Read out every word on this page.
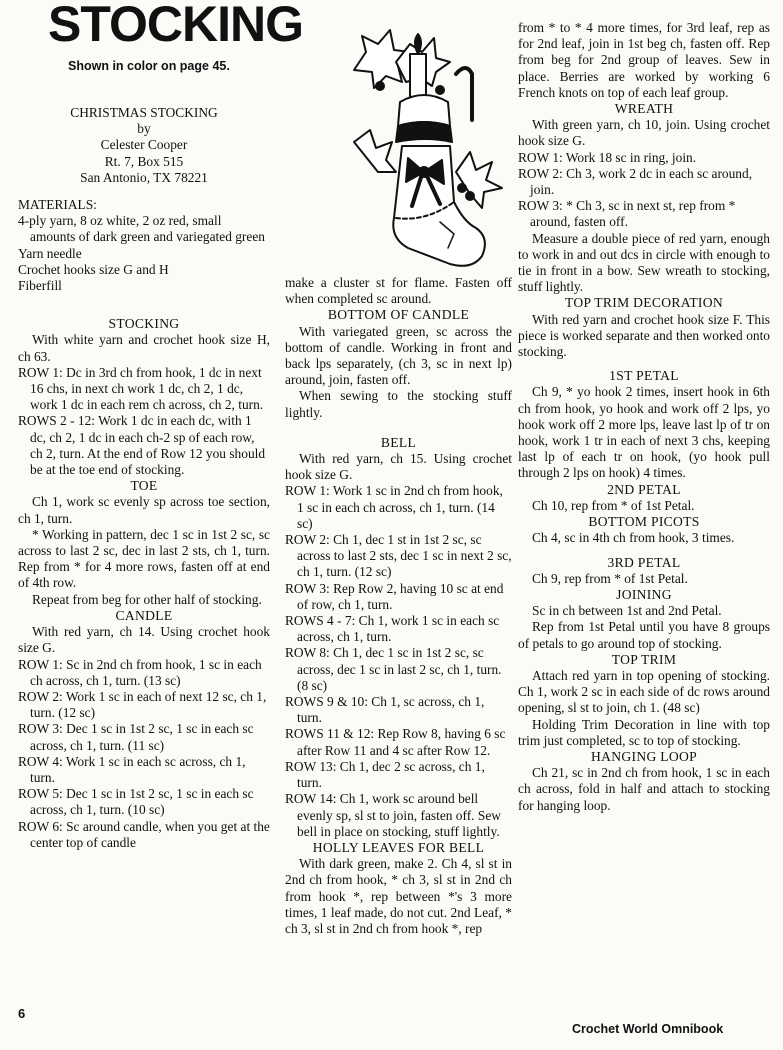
STOCKING

Shown in color on page 45.

CHRISTMAS STOCKING

by

Celester Cooper

Rt. 7, Box 515

San Antonio, TX 78221

MATERIALS:

4-ply yarn, 8 oz white, 2 oz red, small amounts of dark green and variegated green

Yarn needle

Crochet hooks size G and H

Fiberfill

STOCKING

With white yarn and crochet hook size H, ch 63.

ROW 1: Dc in 3rd ch from hook, 1 dc in next 16 chs, in next ch work 1 dc, ch 2, 1 dc, work 1 dc in each rem ch across, ch 2, turn.

ROWS 2 - 12: Work 1 dc in each dc, with 1 dc, ch 2, 1 dc in each ch-2 sp of each row, ch 2, turn. At the end of Row 12 you should be at the toe end of stocking.

TOE

Ch 1, work sc evenly sp across toe section, ch 1, turn.

* Working in pattern, dec 1 sc in 1st 2 sc, sc across to last 2 sc, dec in last 2 sts, ch 1, turn. Rep from * for 4 more rows, fasten off at end of 4th row.

Repeat from beg for other half of stocking.

CANDLE

With red yarn, ch 14. Using crochet hook size G.

ROW 1: Sc in 2nd ch from hook, 1 sc in each ch across, ch 1, turn. (13 sc)

ROW 2: Work 1 sc in each of next 12 sc, ch 1, turn. (12 sc)

ROW 3: Dec 1 sc in 1st 2 sc, 1 sc in each sc across, ch 1, turn. (11 sc)

ROW 4: Work 1 sc in each sc across, ch 1, turn.

ROW 5: Dec 1 sc in 1st 2 sc, 1 sc in each sc across, ch 1, turn. (10 sc)

ROW 6: Sc around candle, when you get at the center top of candle

make a cluster st for flame. Fasten off when completed sc around.

BOTTOM OF CANDLE

With variegated green, sc across the bottom of candle. Working in front and back lps separately, (ch 3, sc in next lp) around, join, fasten off.

When sewing to the stocking stuff lightly.

BELL

With red yarn, ch 15. Using crochet hook size G.

ROW 1: Work 1 sc in 2nd ch from hook, 1 sc in each ch across, ch 1, turn. (14 sc)

ROW 2: Ch 1, dec 1 st in 1st 2 sc, sc across to last 2 sts, dec 1 sc in next 2 sc, ch 1, turn. (12 sc)

ROW 3: Rep Row 2, having 10 sc at end of row, ch 1, turn.

ROWS 4 - 7: Ch 1, work 1 sc in each sc across, ch 1, turn.

ROW 8: Ch 1, dec 1 sc in 1st 2 sc, sc across, dec 1 sc in last 2 sc, ch 1, turn. (8 sc)

ROWS 9 & 10: Ch 1, sc across, ch 1, turn.

ROWS 11 & 12: Rep Row 8, having 6 sc after Row 11 and 4 sc after Row 12.

ROW 13: Ch 1, dec 2 sc across, ch 1, turn.

ROW 14: Ch 1, work sc around bell evenly sp, sl st to join, fasten off. Sew bell in place on stocking, stuff lightly.

HOLLY LEAVES FOR BELL

With dark green, make 2. Ch 4, sl st in 2nd ch from hook, * ch 3, sl st in 2nd ch from hook *, rep between *'s 3 more times, 1 leaf made, do not cut. 2nd Leaf, * ch 3, sl st in 2nd ch from hook *, rep

from * to * 4 more times, for 3rd leaf, rep as for 2nd leaf, join in 1st beg ch, fasten off. Rep from beg for 2nd group of leaves. Sew in place. Berries are worked by working 6 French knots on top of each leaf group.

WREATH

With green yarn, ch 10, join. Using crochet hook size G.

ROW 1: Work 18 sc in ring, join.

ROW 2: Ch 3, work 2 dc in each sc around, join.

ROW 3: * Ch 3, sc in next st, rep from * around, fasten off.

Measure a double piece of red yarn, enough to work in and out dcs in circle with enough to tie in front in a bow. Sew wreath to stocking, stuff lightly.

TOP TRIM DECORATION

With red yarn and crochet hook size F. This piece is worked separate and then worked onto stocking.

1ST PETAL

Ch 9, * yo hook 2 times, insert hook in 6th ch from hook, yo hook and work off 2 lps, yo hook work off 2 more lps, leave last lp of tr on hook, work 1 tr in each of next 3 chs, keeping last lp of each tr on hook, (yo hook pull through 2 lps on hook) 4 times.

2ND PETAL

Ch 10, rep from * of 1st Petal.

BOTTOM PICOTS

Ch 4, sc in 4th ch from hook, 3 times.

3RD PETAL

Ch 9, rep from * of 1st Petal.

JOINING

Sc in ch between 1st and 2nd Petal.

Rep from 1st Petal until you have 8 groups of petals to go around top of stocking.

TOP TRIM

Attach red yarn in top opening of stocking. Ch 1, work 2 sc in each side of dc rows around opening, sl st to join, ch 1. (48 sc)

Holding Trim Decoration in line with top trim just completed, sc to top of stocking.

HANGING LOOP

Ch 21, sc in 2nd ch from hook, 1 sc in each ch across, fold in half and attach to stocking for hanging loop.

6

Crochet World Omnibook
